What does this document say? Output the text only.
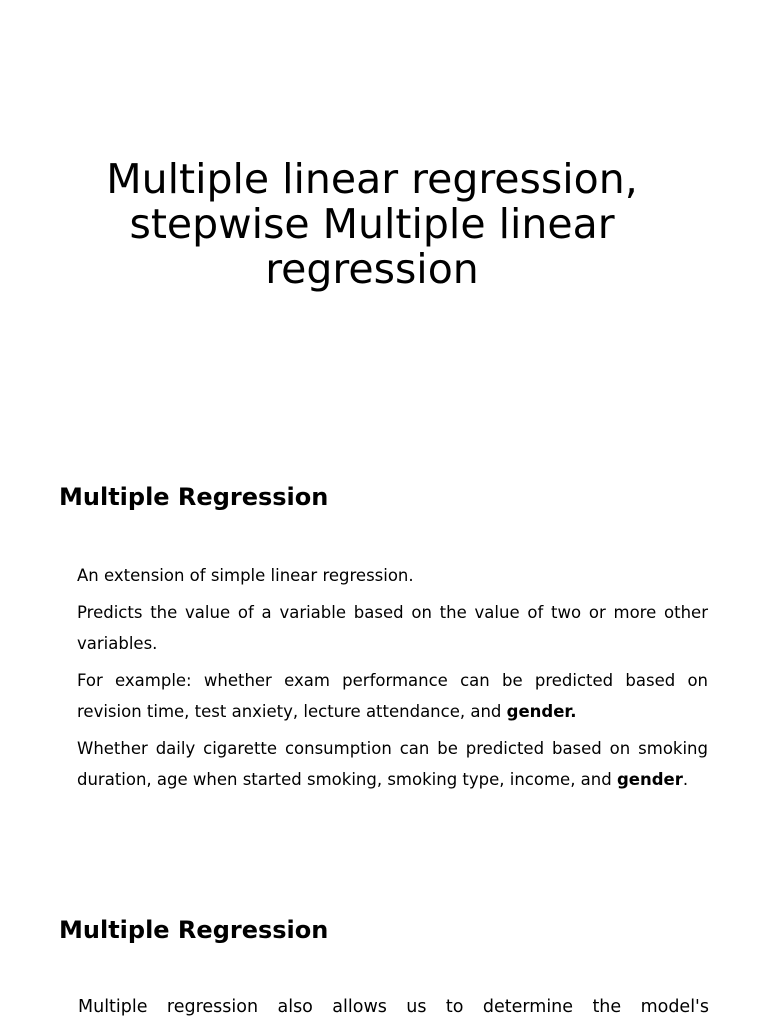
Multiple linear regression,
stepwise Multiple linear
regression
Multiple Regression
An extension of simple linear regression.
Predicts the value of a variable based on the value of two or more other variables.
For example: whether exam performance can be predicted based on revision time, test anxiety, lecture attendance, and gender.
Whether daily cigarette consumption can be predicted based on smoking duration, age when started smoking, smoking type, income, and gender.
Multiple Regression

Multiple regression also allows us to determine the model's
